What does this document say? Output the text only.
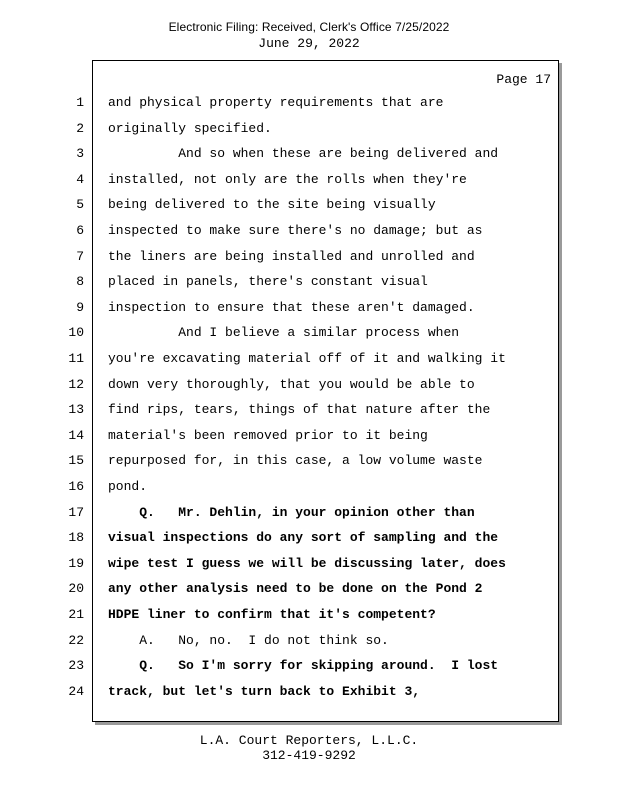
Electronic Filing: Received, Clerk's Office 7/25/2022
June 29, 2022
Page 17
1 and physical property requirements that are
2 originally specified.
3 And so when these are being delivered and
4 installed, not only are the rolls when they're
5 being delivered to the site being visually
6 inspected to make sure there's no damage; but as
7 the liners are being installed and unrolled and
8 placed in panels, there's constant visual
9 inspection to ensure that these aren't damaged.
10 And I believe a similar process when
11 you're excavating material off of it and walking it
12 down very thoroughly, that you would be able to
13 find rips, tears, things of that nature after the
14 material's been removed prior to it being
15 repurposed for, in this case, a low volume waste
16 pond.
17 Q.   Mr. Dehlin, in your opinion other than
18 visual inspections do any sort of sampling and the
19 wipe test I guess we will be discussing later, does
20 any other analysis need to be done on the Pond 2
21 HDPE liner to confirm that it's competent?
22 A.   No, no.  I do not think so.
23 Q.   So I'm sorry for skipping around.  I lost
24 track, but let's turn back to Exhibit 3,
L.A. Court Reporters, L.L.C.
312-419-9292
